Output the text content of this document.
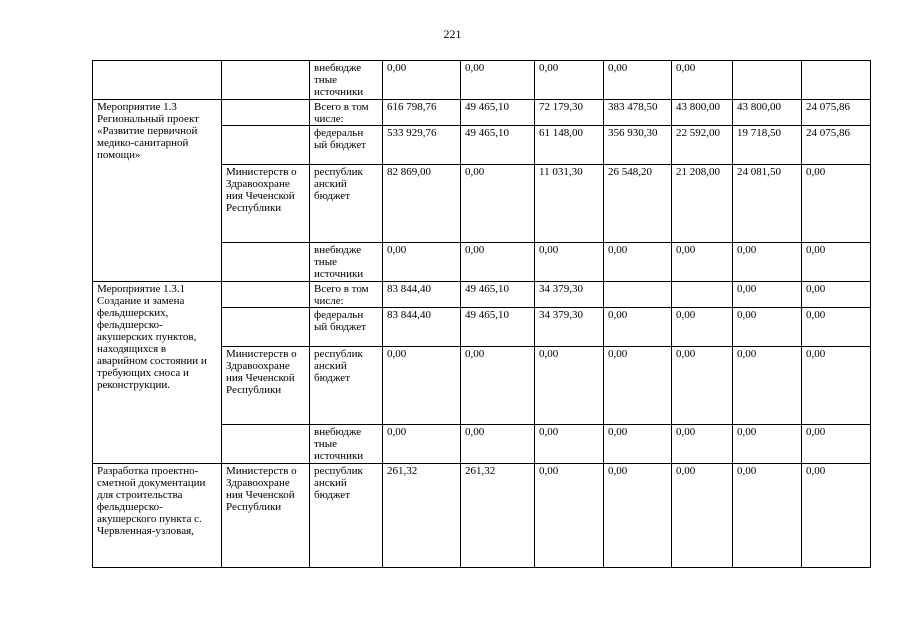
221
		внебюдже тные источники	0,00	0,00	0,00	0,00	0,00		
Мероприятие 1.3 Региональный проект «Развитие первичной медико-санитарной помощи»		Всего в том числе:	616 798,76	49 465,10	72 179,30	383 478,50	43 800,00	43 800,00	24 075,86
		федеральн ый бюджет	533 929,76	49 465,10	61 148,00	356 930,30	22 592,00	19 718,50	24 075,86
	Министерств о Здравоохране ния Чеченской Республики	республик анский бюджет	82 869,00	0,00	11 031,30	26 548,20	21 208,00	24 081,50	0,00
		внебюдже тные источники	0,00	0,00	0,00	0,00	0,00	0,00	0,00
Мероприятие 1.3.1 Создание и замена фельдшерских, фельдшерско-акушерских пунктов, находящихся в аварийном состоянии и требующих сноса и реконструкции.		Всего в том числе:	83 844,40	49 465,10	34 379,30			0,00	0,00
		федеральн ый бюджет	83 844,40	49 465,10	34 379,30	0,00	0,00	0,00	0,00
	Министерств о Здравоохране ния Чеченской Республики	республик анский бюджет	0,00	0,00	0,00	0,00	0,00	0,00	0,00
		внебюдже тные источники	0,00	0,00	0,00	0,00	0,00	0,00	0,00
Разработка проектно-сметной документации для строительства фельдшерско-акушерского пункта с. Червленная-узловая,	Министерств о Здравоохране ния Чеченской Республики	республик анский бюджет	261,32	261,32	0,00	0,00	0,00	0,00	0,00
